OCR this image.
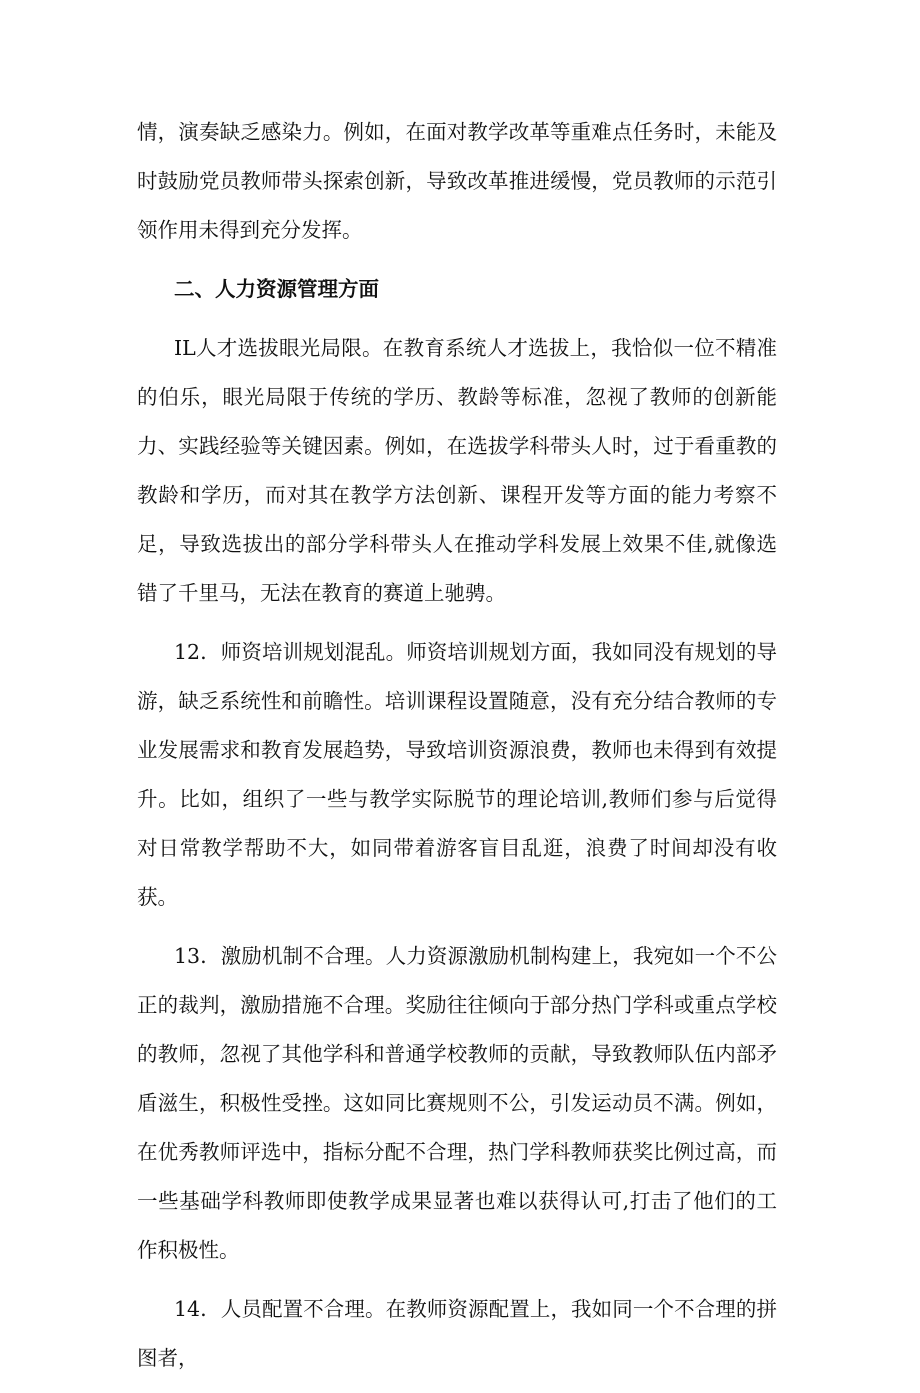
情，演奏缺乏感染力。例如，在面对教学改革等重难点任务时，未能及时鼓励党员教师带头探索创新，导致改革推进缓慢，党员教师的示范引领作用未得到充分发挥。

二、人力资源管理方面

IL人才选拔眼光局限。在教育系统人才选拔上，我恰似一位不精准的伯乐，眼光局限于传统的学历、教龄等标准，忽视了教师的创新能力、实践经验等关键因素。例如，在选拔学科带头人时，过于看重教的教龄和学历，而对其在教学方法创新、课程开发等方面的能力考察不足，导致选拔出的部分学科带头人在推动学科发展上效果不佳,就像选错了千里马，无法在教育的赛道上驰骋。

12．师资培训规划混乱。师资培训规划方面，我如同没有规划的导游，缺乏系统性和前瞻性。培训课程设置随意，没有充分结合教师的专业发展需求和教育发展趋势，导致培训资源浪费，教师也未得到有效提升。比如，组织了一些与教学实际脱节的理论培训,教师们参与后觉得对日常教学帮助不大，如同带着游客盲目乱逛，浪费了时间却没有收获。

13．激励机制不合理。人力资源激励机制构建上，我宛如一个不公正的裁判，激励措施不合理。奖励往往倾向于部分热门学科或重点学校的教师，忽视了其他学科和普通学校教师的贡献，导致教师队伍内部矛盾滋生，积极性受挫。这如同比赛规则不公，引发运动员不满。例如，在优秀教师评选中，指标分配不合理，热门学科教师获奖比例过高，而一些基础学科教师即使教学成果显著也难以获得认可,打击了他们的工作积极性。

14．人员配置不合理。在教师资源配置上，我如同一个不合理的拼图者，
